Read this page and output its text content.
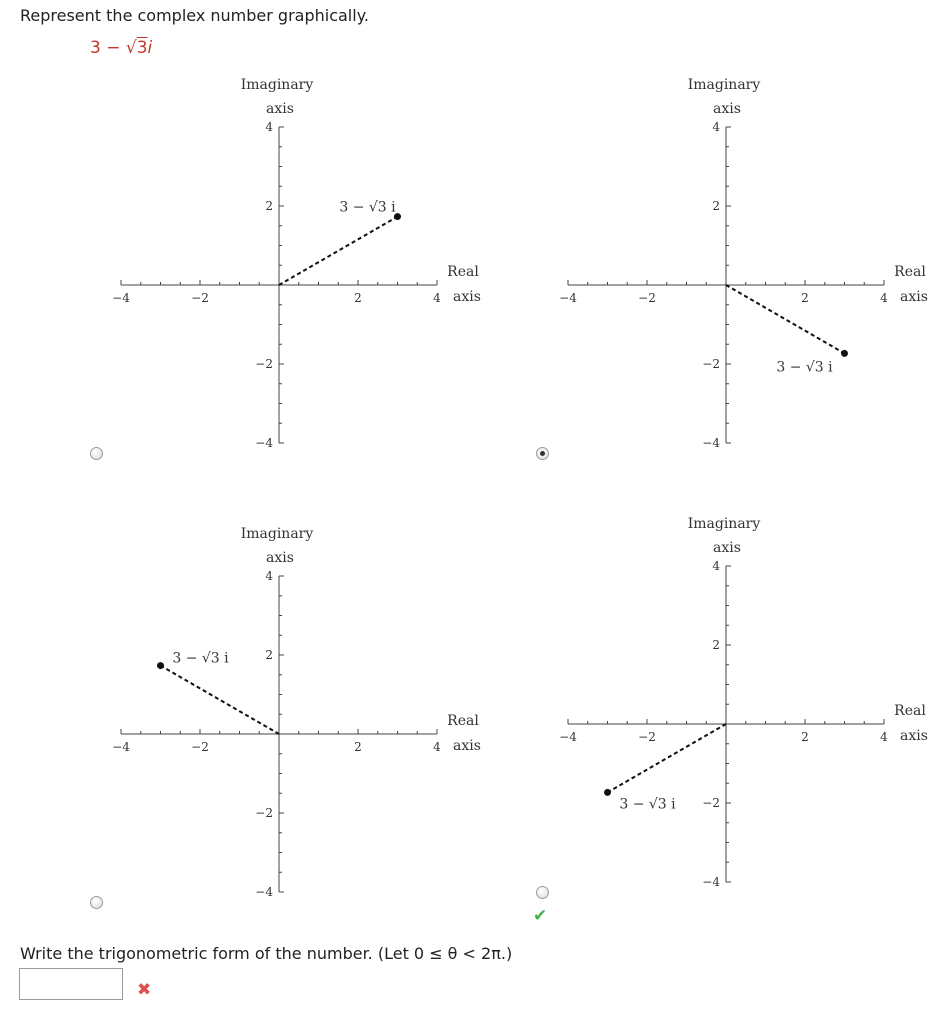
Represent the complex number graphically.
3 − √3i
−4	−2	2	4
4
2
−2
−4
Imaginary
axis
Real
axis
3 − √3 i
−4	−2	2	4
4
2
−2
−4
Imaginary
axis
Real
axis
3 − √3 i
−4	−2	2	4
4
2
−2
−4
Imaginary
axis
Real
axis
3 − √3 i
−4	−2	2	4
4
2
−2
−4
Imaginary
axis
Real
axis
3 − √3 i
✔
Write the trigonometric form of the number. (Let 0 ≤ θ < 2π.)
✖
